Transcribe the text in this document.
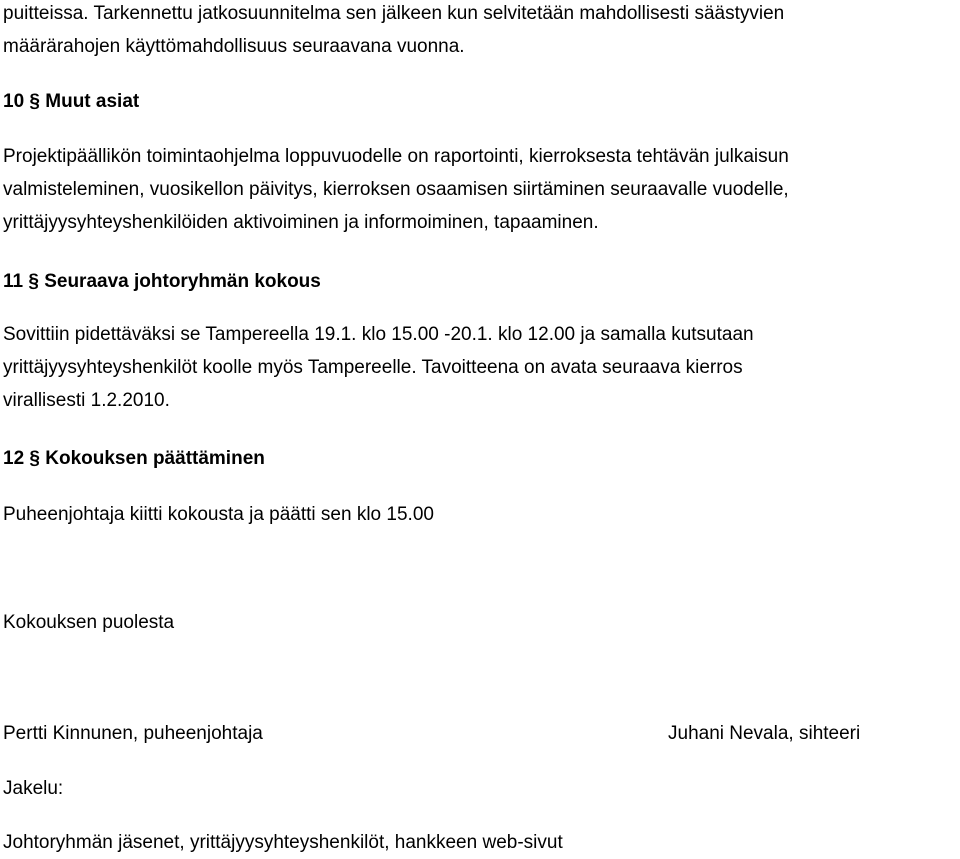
puitteissa. Tarkennettu jatkosuunnitelma sen jälkeen kun selvitetään mahdollisesti säästyvien
määrärahojen käyttömahdollisuus seuraavana vuonna.

10 § Muut asiat

Projektipäällikön toimintaohjelma loppuvuodelle on raportointi, kierroksesta tehtävän julkaisun
valmisteleminen, vuosikellon päivitys, kierroksen osaamisen siirtäminen seuraavalle vuodelle,
yrittäjyysyhteyshenkilöiden aktivoiminen ja informoiminen, tapaaminen.

11 § Seuraava johtoryhmän kokous

Sovittiin pidettäväksi se Tampereella 19.1. klo 15.00 -20.1. klo 12.00 ja samalla kutsutaan
yrittäjyysyhteyshenkilöt koolle myös Tampereelle. Tavoitteena on avata seuraava kierros
virallisesti 1.2.2010.

12 § Kokouksen päättäminen

Puheenjohtaja kiitti kokousta ja päätti sen klo 15.00

Kokouksen puolesta

Pertti Kinnunen, puheenjohtaja	Juhani Nevala, sihteeri

Jakelu:

Johtoryhmän jäsenet, yrittäjyysyhteyshenkilöt, hankkeen web-sivut
